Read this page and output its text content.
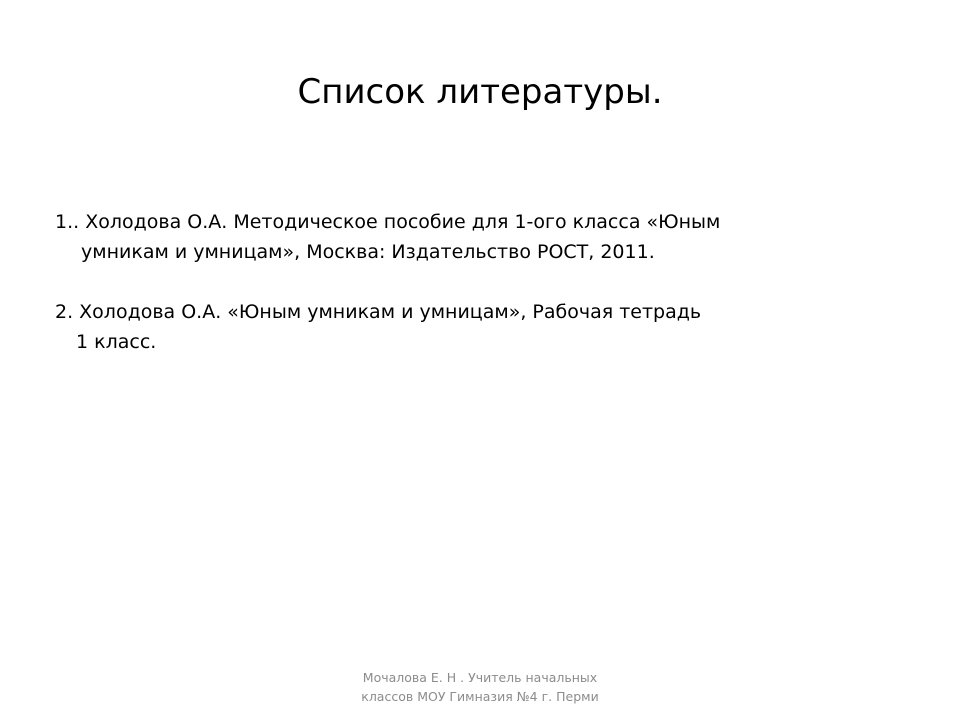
Список литературы.
1.. Холодова О.А. Методическое пособие для 1-ого класса «Юным
умникам и умницам», Москва: Издательство РОСТ, 2011.
2. Холодова О.А. «Юным умникам и умницам», Рабочая тетрадь
1 класс.
Мочалова Е. Н . Учитель начальных
классов МОУ Гимназия №4 г. Перми
